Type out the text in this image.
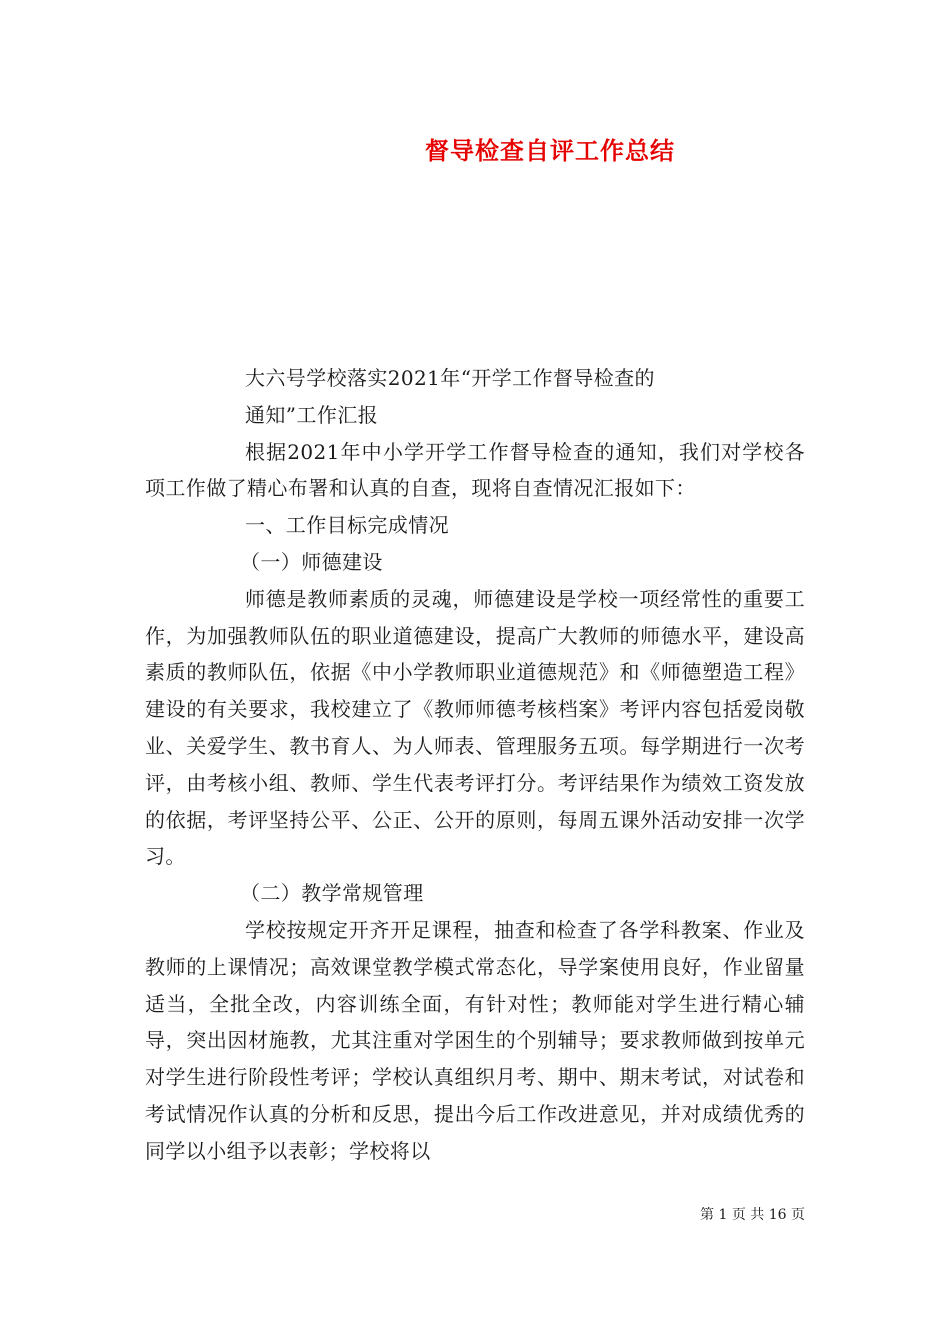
督导检查自评工作总结

大六号学校落实2021年“开学工作督导检查的

通知”工作汇报

根据2021年中小学开学工作督导检查的通知，我们对学校各项工作做了精心布署和认真的自查，现将自查情况汇报如下：

一、工作目标完成情况

（一）师德建设

师德是教师素质的灵魂，师德建设是学校一项经常性的重要工作，为加强教师队伍的职业道德建设，提高广大教师的师德水平，建设高素质的教师队伍，依据《中小学教师职业道德规范》和《师德塑造工程》建设的有关要求，我校建立了《教师师德考核档案》考评内容包括爱岗敬业、关爱学生、教书育人、为人师表、管理服务五项。每学期进行一次考评，由考核小组、教师、学生代表考评打分。考评结果作为绩效工资发放的依据，考评坚持公平、公正、公开的原则，每周五课外活动安排一次学习。

（二）教学常规管理

学校按规定开齐开足课程，抽查和检查了各学科教案、作业及教师的上课情况；高效课堂教学模式常态化，导学案使用良好，作业留量适当，全批全改，内容训练全面，有针对性；教师能对学生进行精心辅导，突出因材施教，尤其注重对学困生的个别辅导；要求教师做到按单元对学生进行阶段性考评；学校认真组织月考、期中、期末考试，对试卷和考试情况作认真的分析和反思，提出今后工作改进意见，并对成绩优秀的同学以小组予以表彰；学校将以

第 1 页 共 16 页
